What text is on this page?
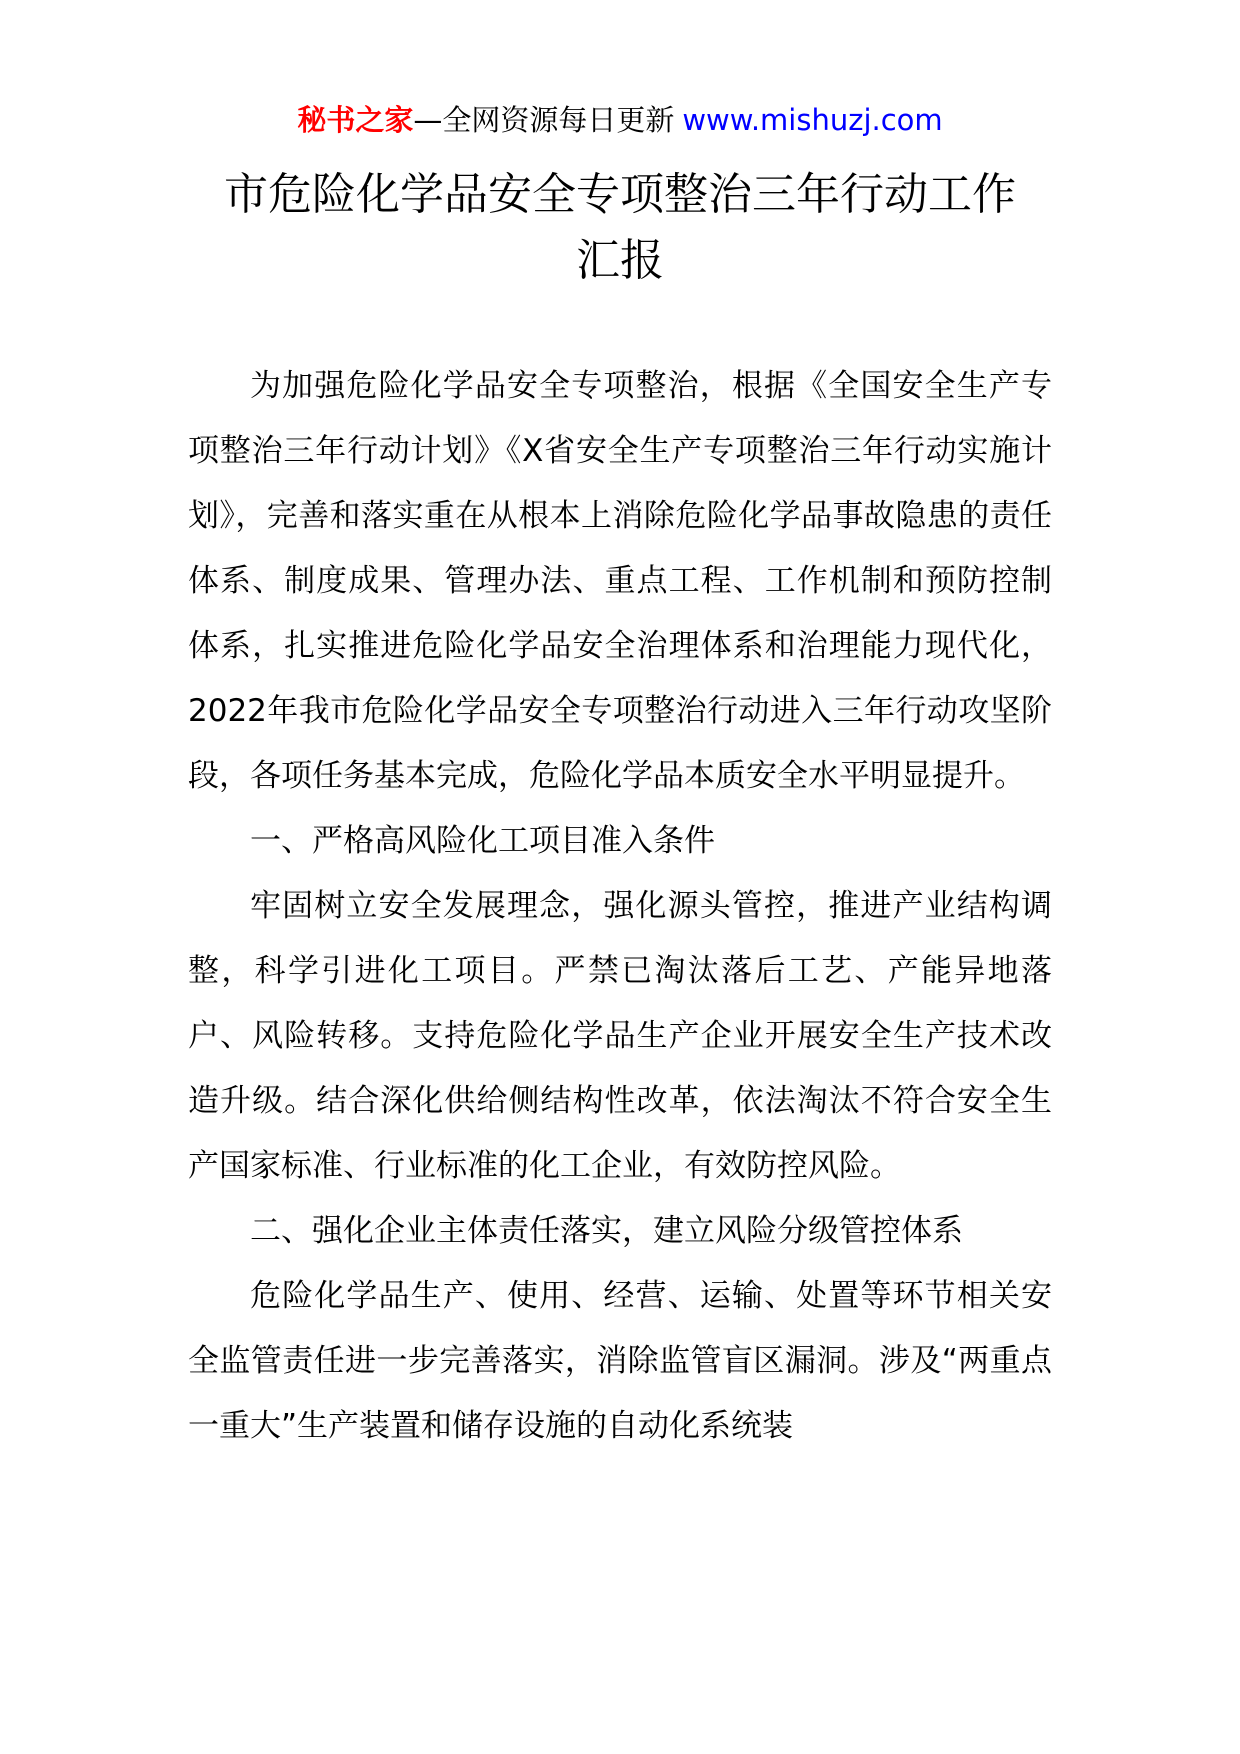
秘书之家—全网资源每日更新 www.mishuzj.com
市危险化学品安全专项整治三年行动工作
汇报

为加强危险化学品安全专项整治，根据《全国安全生产专项整治三年行动计划》《X省安全生产专项整治三年行动实施计划》，完善和落实重在从根本上消除危险化学品事故隐患的责任体系、制度成果、管理办法、重点工程、工作机制和预防控制体系，扎实推进危险化学品安全治理体系和治理能力现代化，2022年我市危险化学品安全专项整治行动进入三年行动攻坚阶段，各项任务基本完成，危险化学品本质安全水平明显提升。

一、严格高风险化工项目准入条件

牢固树立安全发展理念，强化源头管控，推进产业结构调整，科学引进化工项目。严禁已淘汰落后工艺、产能异地落户、风险转移。支持危险化学品生产企业开展安全生产技术改造升级。结合深化供给侧结构性改革，依法淘汰不符合安全生产国家标准、行业标准的化工企业，有效防控风险。

二、强化企业主体责任落实，建立风险分级管控体系

危险化学品生产、使用、经营、运输、处置等环节相关安全监管责任进一步完善落实，消除监管盲区漏洞。涉及“两重点一重大”生产装置和储存设施的自动化系统装
